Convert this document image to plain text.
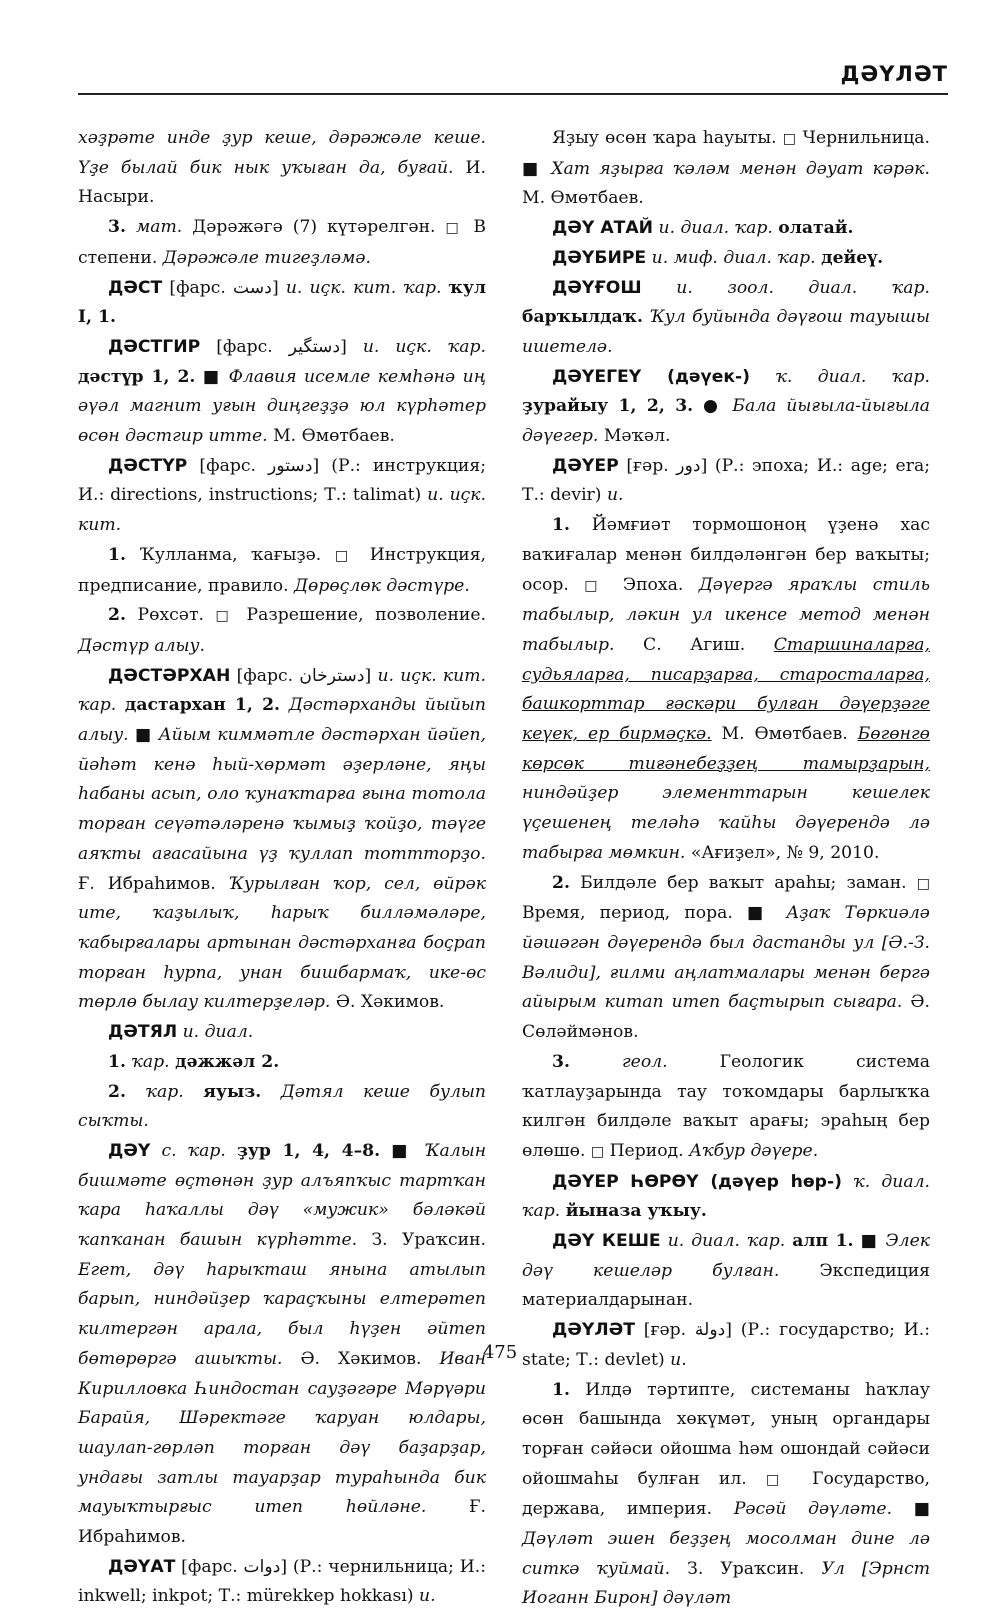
ДӘҮЛӘТ

хәҙрәте инде ҙур кеше, дәрәжәле кеше. Үҙе былай бик нык уҡыған да, буғай. И. Насыри.

3. мат. Дәрәжәгә (7) күтәрелгән. □ В степени. Дәрәжәле тигеҙләмә.

ДӘСТ [фарс. دست] и. иҫк. кит. ҡар. ҡул I, 1.

ДӘСТГИР [фарс. دستگیر] и. иҫк. ҡар. дәстүр 1, 2. ■ Флавия исемле кемһәнә иң әүәл магнит уғын диңгеҙҙә юл күрһәтер өсөн дәстгир итте. М. Өмөтбаев.

ДӘСТҮР [фарс. دستور] (Р.: инструкция; И.: directions, instructions; Т.: talimat) и. иҫк. кит.

1. Ҡулланма, ҡағыҙә. □ Инструкция, предписание, правило. Дөрөҫлөк дәстүре.

2. Рөхсәт. □ Разрешение, позволение. Дәстүр алыу.

ДӘСТӘРХАН [фарс. دسترخان] и. иҫк. кит. ҡар. дастархан 1, 2. Дәстәрханды йыйып алыу. ■ Айым киммәтле дәстәрхан йәйеп, йәһәт кенә һый-хөрмәт әҙерләне, яңы һабаны асып, оло ҡунаҡтарға ғына тотола торған сеүәтәләренә ҡымыҙ ҡойҙо, тәүге аяҡты ағасайына үҙ ҡуллап тоттторҙо. Ғ. Ибраһимов. Ҡурылған ҡор, сел, өйрәк ите, ҡаҙылыҡ, һарыҡ билләмәләре, ҡабырғалары артынан дәстәрханға боҫрап торған һурпа, унан бишбармаҡ, ике-өс төрлө былау килтерҙеләр. Ә. Хәкимов.

ДӘТЯЛ и. диал.

1. ҡар. дәжжәл 2.

2. ҡар. яуыз. Дәтял кеше булып сыҡты.

ДӘҮ с. ҡар. ҙур 1, 4, 4–8. ■ Ҡалын бишмәте өҫтөнән ҙур алъяпҡыс тартҡан ҡара һаҡаллы дәү «мужик» бәләкәй ҡапҡанан башын күрһәтте. З. Ураҡсин. Егет, дәү һарыҡташ янына атылып барып, ниндәйҙер ҡараҫҡыны елтерәтеп килтергән арала, был һүҙен әйтеп бөтөрөргә ашыҡты. Ә. Хәкимов. Иван Кирилловка Һиндостан сауҙәгәре Мәрүәри Барайя, Шәректәге ҡаруан юлдары, шаулап-гөрләп торған дәү баҙарҙар, ундағы затлы тауарҙар тураһында бик мауыҡтырғыс итеп һөйләне. Ғ. Ибраһимов.

ДӘҮАТ [фарс. دوات] (Р.: чернильница; И.: inkwell; inkpot; Т.: mürekkep hokkası) и.

Яҙыу өсөн ҡара һауыты. □ Чернильница. ■ Хат яҙырға ҡәләм менән дәуат кәрәк. М. Өмөтбаев.

ДӘҮ АТАЙ и. диал. ҡар. олатай.

ДӘҮБИРЕ и. миф. диал. ҡар. дейеү.

ДӘҮҒОШ и. зоол. диал. ҡар. барҡылдаҡ. Ҡул буйында дәүғош тауышы ишетелә.

ДӘҮЕГЕҮ (дәүек-) ҡ. диал. ҡар. ҙурайыу 1, 2, 3. ● Бала йығыла-йығыла дәүегер. Мәҡәл.

ДӘҮЕР [ғәр. دور] (Р.: эпоха; И.: age; era; Т.: devir) и.

1. Йәмғиәт тормошоноң үҙенә хас ваҡиғалар менән билдәләнгән бер ваҡыты; осор. □ Эпоха. Дәүергә яраҡлы стиль табылыр, ләкин ул икенсе метод менән табылыр. С. Агиш. Старшиналарға, судьяларға, писарҙарға, старосталарға, башкорттар ғәскәри булған дәүерҙәге кеүек, ер бирмәҫкә. М. Өмөтбаев. Бөгөнгө көрсөк тиғәнебеҙҙең тамырҙарын, ниндәйҙер элементтарын кешелек үҫешенең теләһә ҡайһы дәүерендә лә табырға мөмкин. «Ағиҙел», № 9, 2010.

2. Билдәле бер ваҡыт араһы; заман. □ Время, период, пора. ■ Аҙаҡ Төркиәлә йәшәгән дәүерендә был дастанды ул [Ә.-З. Вәлиди], ғилми аңлатмалары менән бергә айырым китап итеп баҫтырып сығара. Ә. Сөләймәнов.

3.	геол. Геологик система ҡатлауҙарында тау тоҡомдары барлыҡҡа килгән билдәле ваҡыт арағы; эраһың бер өлөшө. □ Период. Аҡбур дәүере.

ДӘҮЕР ҺӨРӨҮ (дәүер һөр-) ҡ. диал. ҡар. йыназа уҡыу.

ДӘҮ КЕШЕ и. диал. ҡар. алп 1. ■ Элек дәү кешеләр булған. Экспедиция материалдарынан.

ДӘҮЛӘТ [ғәр. دولة] (Р.: государство; И.: state; Т.: devlet) и.

1. Илдә тәртипте, системаны һаҡлау өсөн башында хөкүмәт, уның органдары торған сәйәси ойошма һәм ошондай сәйәси ойошмаһы булған ил. □ Государство, держава, империя. Рәсәй дәүләте. ■ Дәүләт эшен беҙҙең мосолман дине лә ситкә ҡуймай. З. Ураҡсин. Ул [Эрнст Иоганн Бирон] дәүләт

475
